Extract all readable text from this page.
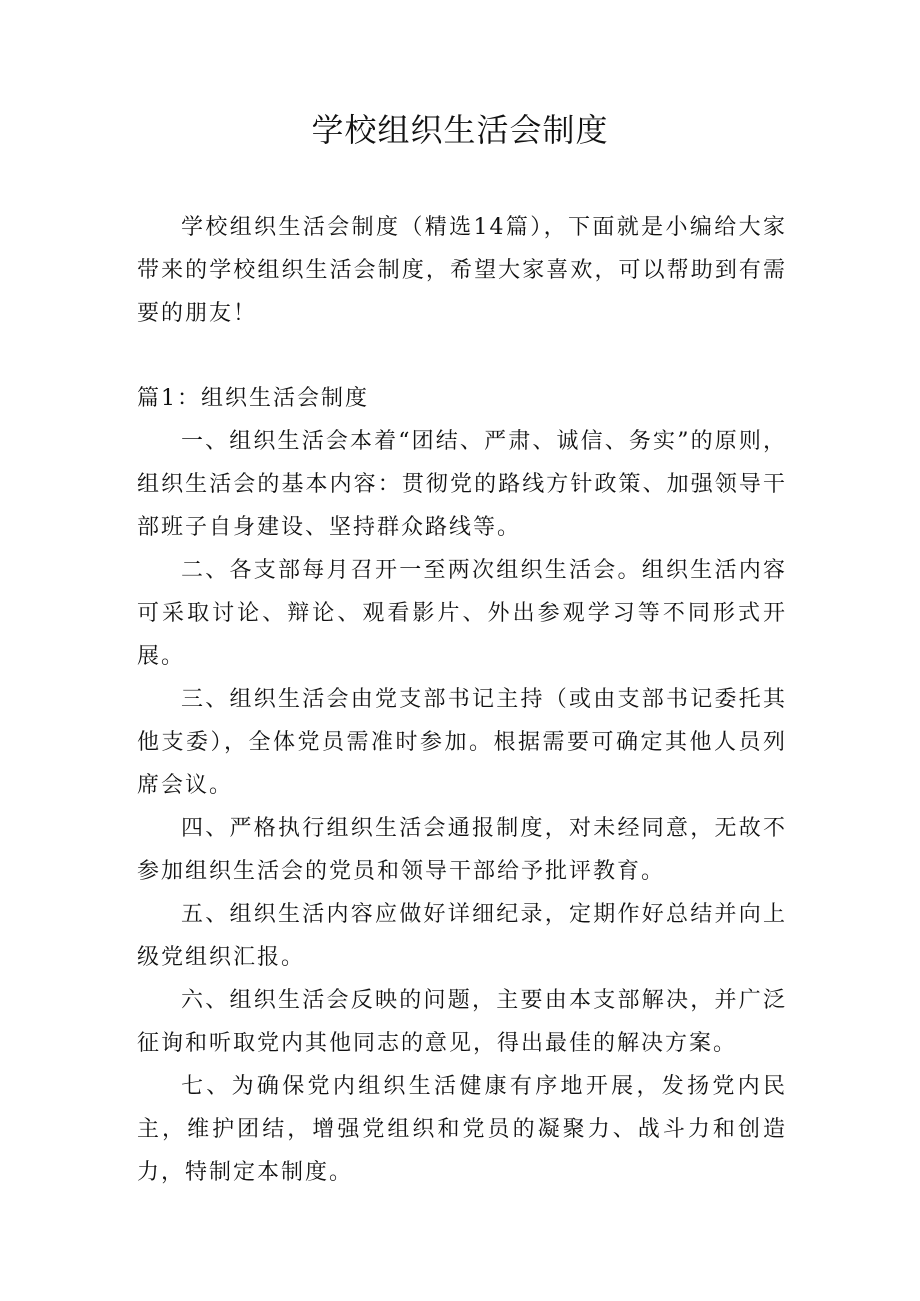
学校组织生活会制度

学校组织生活会制度（精选14篇），下面就是小编给大家带来的学校组织生活会制度，希望大家喜欢，可以帮助到有需要的朋友！

篇1：组织生活会制度

一、组织生活会本着“团结、严肃、诚信、务实”的原则，组织生活会的基本内容：贯彻党的路线方针政策、加强领导干部班子自身建设、坚持群众路线等。

二、各支部每月召开一至两次组织生活会。组织生活内容可采取讨论、辩论、观看影片、外出参观学习等不同形式开展。

三、组织生活会由党支部书记主持（或由支部书记委托其他支委），全体党员需准时参加。根据需要可确定其他人员列席会议。

四、严格执行组织生活会通报制度，对未经同意，无故不参加组织生活会的党员和领导干部给予批评教育。

五、组织生活内容应做好详细纪录，定期作好总结并向上级党组织汇报。

六、组织生活会反映的问题，主要由本支部解决，并广泛征询和听取党内其他同志的意见，得出最佳的解决方案。

七、为确保党内组织生活健康有序地开展，发扬党内民主，维护团结，增强党组织和党员的凝聚力、战斗力和创造力，特制定本制度。
